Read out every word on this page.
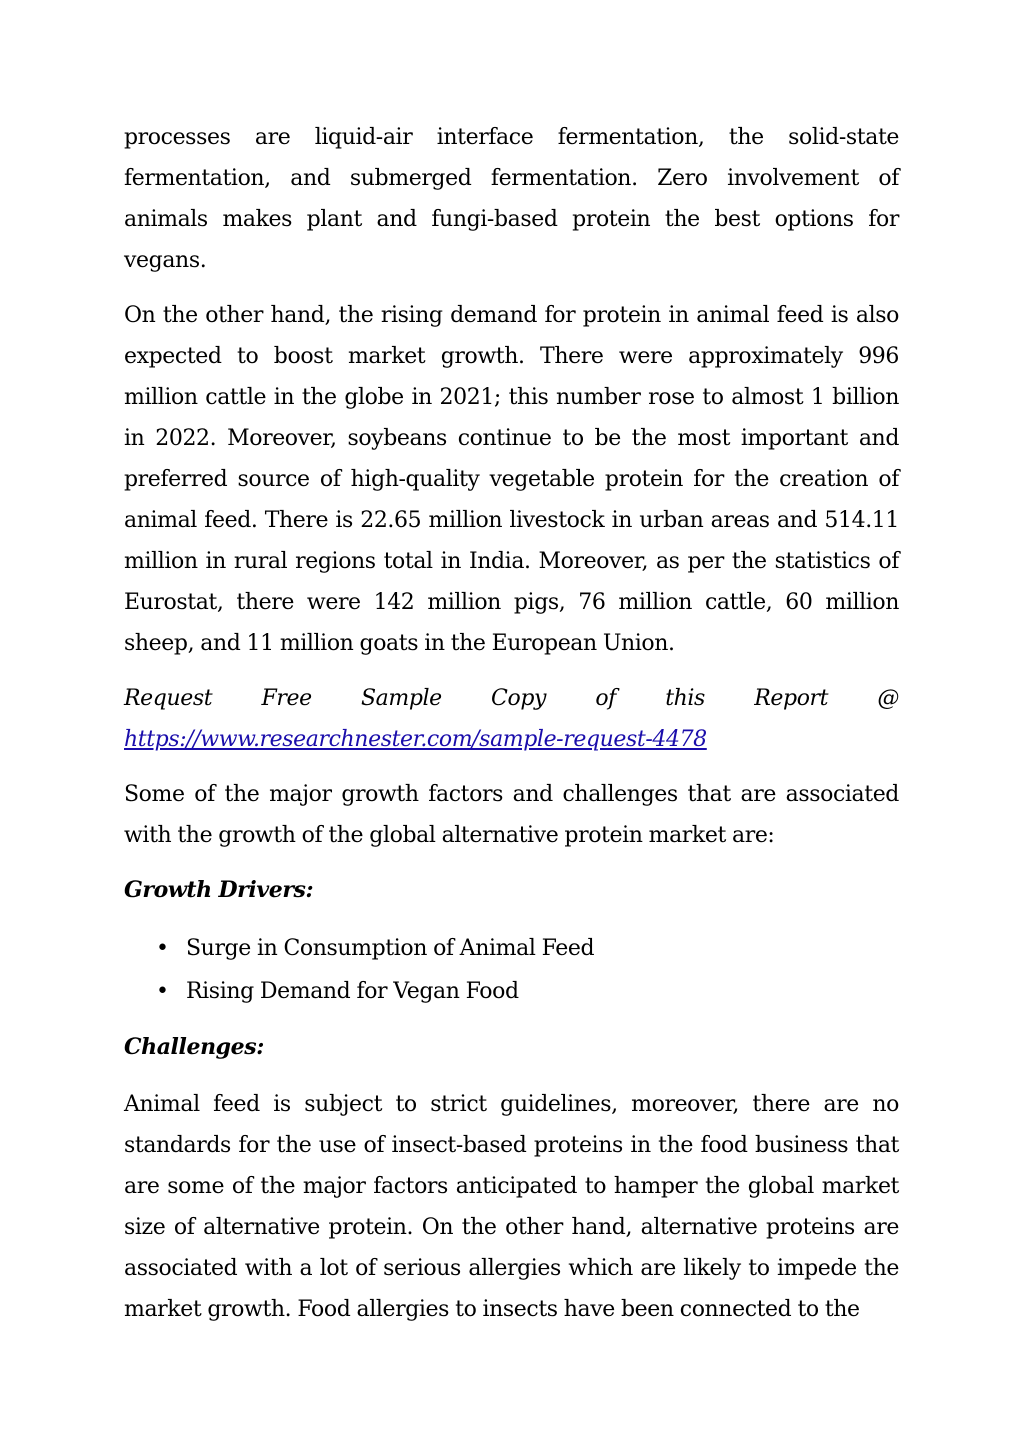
processes are liquid-air interface fermentation, the solid-state fermentation, and submerged fermentation. Zero involvement of animals makes plant and fungi-based protein the best options for vegans.

On the other hand, the rising demand for protein in animal feed is also expected to boost market growth. There were approximately 996 million cattle in the globe in 2021; this number rose to almost 1 billion in 2022. Moreover, soybeans continue to be the most important and preferred source of high-quality vegetable protein for the creation of animal feed. There is 22.65 million livestock in urban areas and 514.11 million in rural regions total in India. Moreover, as per the statistics of Eurostat, there were 142 million pigs, 76 million cattle, 60 million sheep, and 11 million goats in the European Union.

Request Free Sample Copy of this Report @
https://www.researchnester.com/sample-request-4478

Some of the major growth factors and challenges that are associated with the growth of the global alternative protein market are:

Growth Drivers:
• Surge in Consumption of Animal Feed
• Rising Demand for Vegan Food
Challenges:

Animal feed is subject to strict guidelines, moreover, there are no standards for the use of insect-based proteins in the food business that are some of the major factors anticipated to hamper the global market size of alternative protein. On the other hand, alternative proteins are associated with a lot of serious allergies which are likely to impede the market growth. Food allergies to insects have been connected to the
